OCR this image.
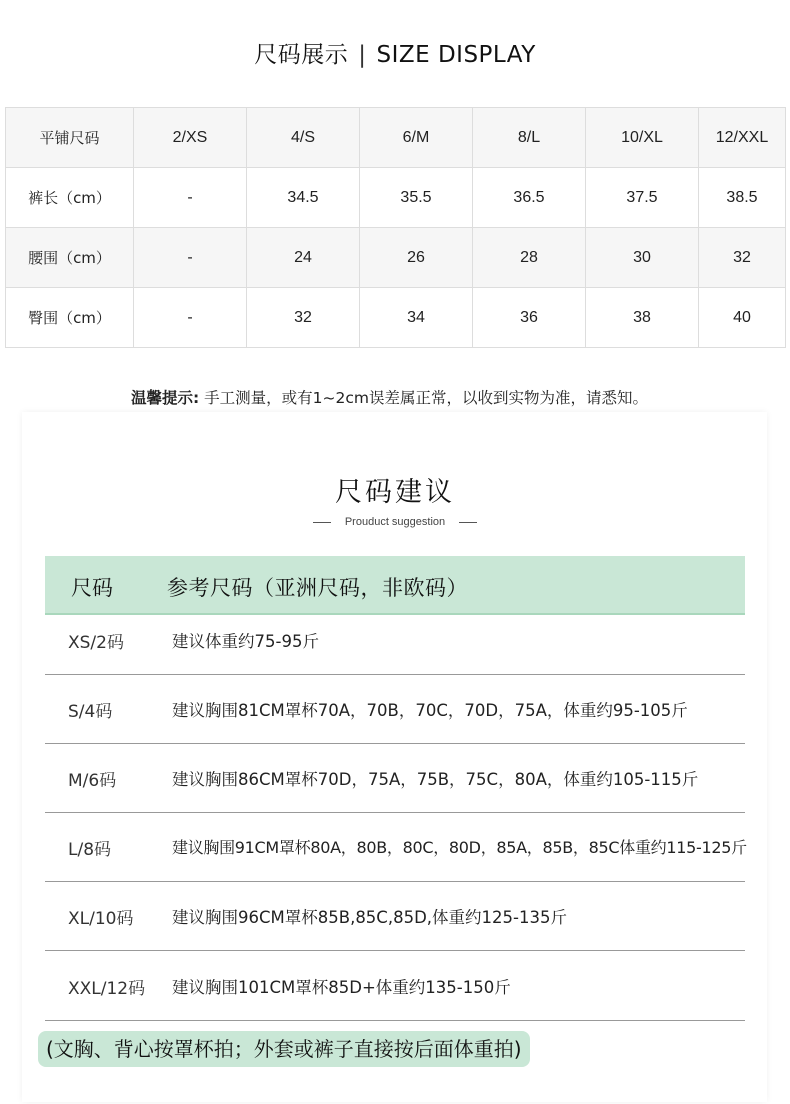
尺码展示 | SIZE DISPLAY
平铺尺码	2/XS	4/S	6/M	8/L	10/XL	12/XXL
裤长（cm）	-	34.5	35.5	36.5	37.5	38.5
腰围（cm）	-	24	26	28	30	32
臀围（cm）	-	32	34	36	38	40
温馨提示: 手工测量，或有1~2cm误差属正常，以收到实物为准，请悉知。
尺码建议
Prouduct suggestion
尺码	参考尺码（亚洲尺码，非欧码）
XS/2码	建议体重约75-95斤
S/4码	建议胸围81CM罩杯70A，70B，70C，70D，75A，体重约95-105斤
M/6码	建议胸围86CM罩杯70D，75A，75B，75C，80A，体重约105-115斤
L/8码	建议胸围91CM罩杯80A，80B，80C，80D，85A，85B，85C体重约115-125斤
XL/10码 建议胸围96CM罩杯85B,85C,85D,体重约125-135斤
XXL/12码 建议胸围101CM罩杯85D+体重约135-150斤
(文胸、背心按罩杯拍；外套或裤子直接按后面体重拍)
